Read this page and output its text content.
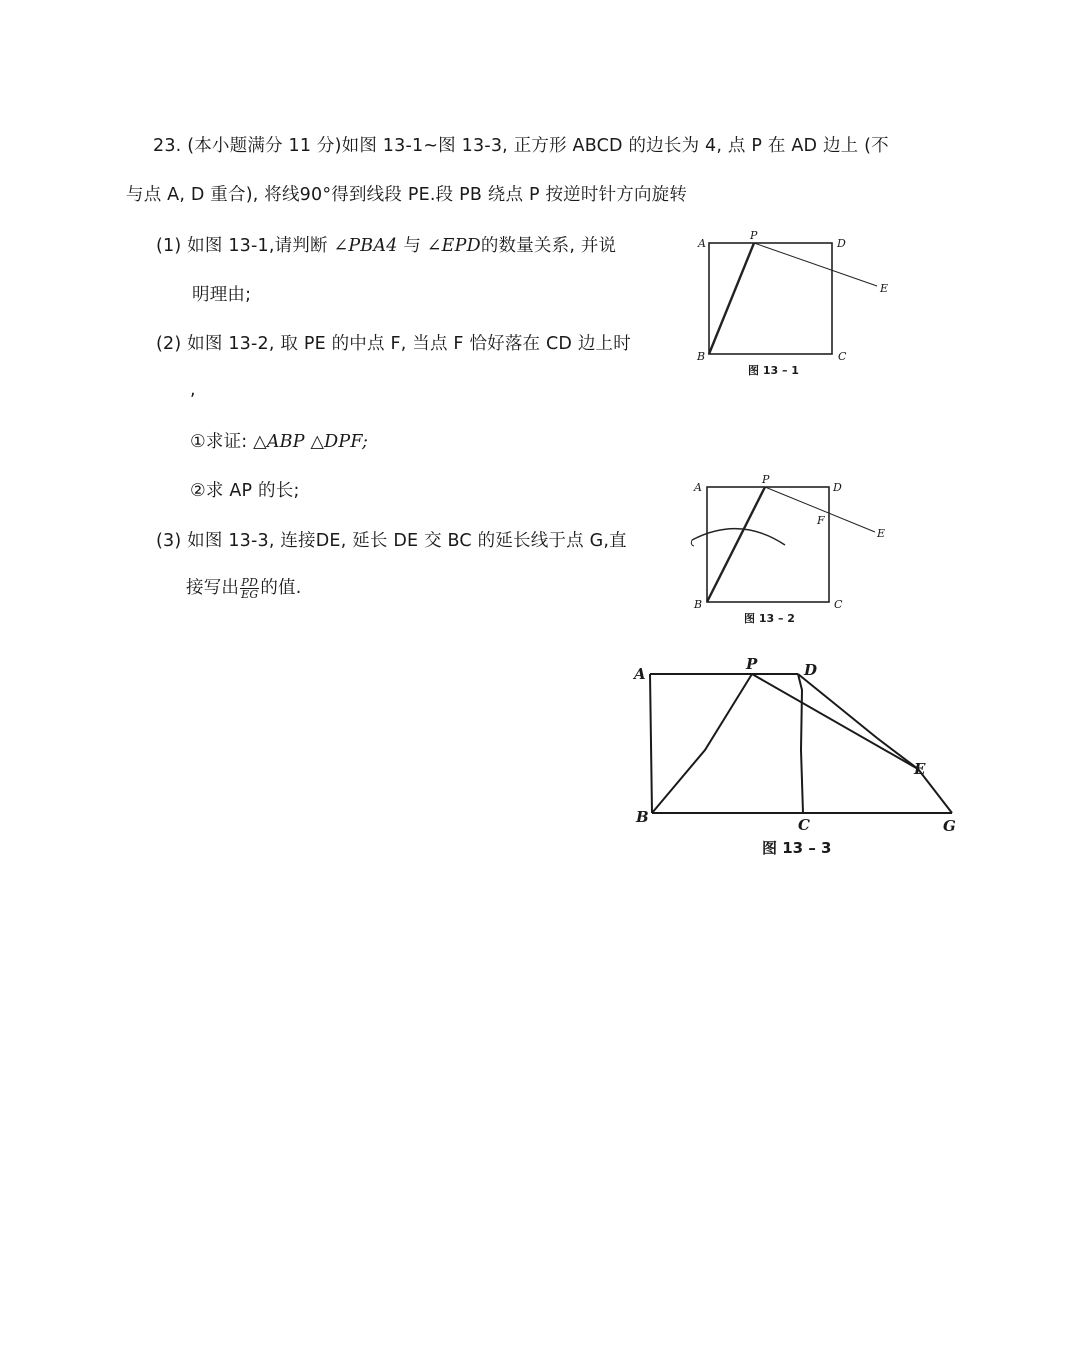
23. (本小题满分 11 分)如图 13-1~图 13-3, 正方形 ABCD 的边长为 4, 点 P 在 AD 边上 (不
与点 A, D 重合), 将线90°得到线段 PE.段 PB 绕点 P 按逆时针方向旋转
(1) 如图 13-1,请判断 ∠PBA4 与 ∠EPD的数量关系, 并说
明理由;
(2) 如图 13-2, 取 PE 的中点 F, 当点 F 恰好落在 CD 边上时
,
①求证: △ABP △DPF;
②求 AP 的长;
(3) 如图 13-3, 连接DE, 延长 DE 交 BC 的延长线于点 G,直
接写出 $\frac{PD}{EG}$ 的值.
A
P
D
E
B	C
图 13 – 1
A
P
D
F
E
B	C
图 13 – 2
A
P	D
E
B	C	G
图 13 – 3
